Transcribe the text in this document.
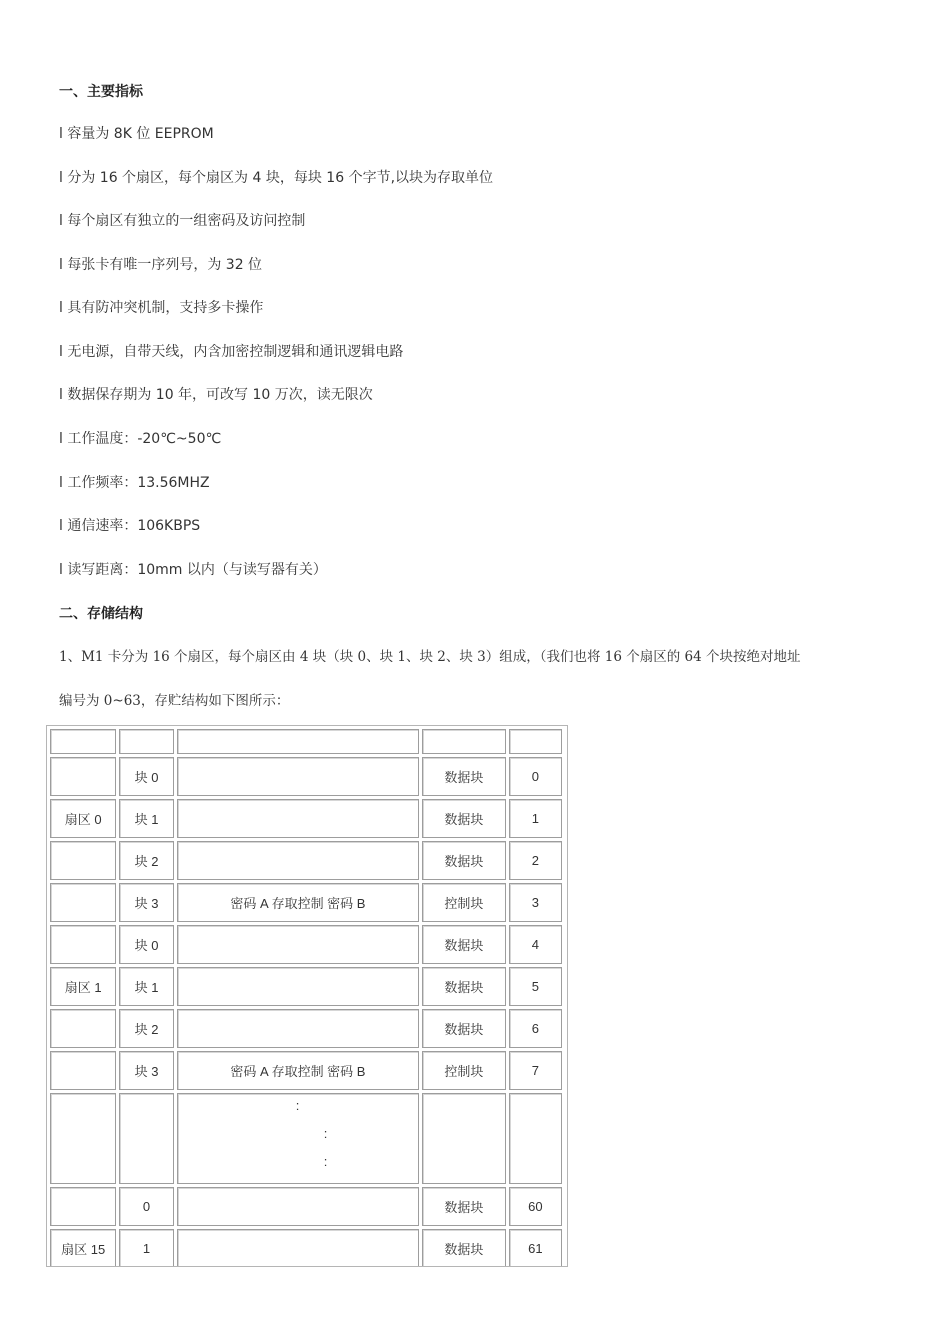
一、主要指标
l 容量为 8K 位 EEPROM
l 分为 16 个扇区，每个扇区为 4 块，每块 16 个字节,以块为存取单位
l 每个扇区有独立的一组密码及访问控制
l 每张卡有唯一序列号，为 32 位
l 具有防冲突机制，支持多卡操作
l 无电源，自带天线，内含加密控制逻辑和通讯逻辑电路
l 数据保存期为 10 年，可改写 10 万次，读无限次
l 工作温度：-20℃~50℃
l 工作频率：13.56MHZ
l 通信速率：106KBPS
l 读写距离：10mm 以内（与读写器有关）
二、存储结构
1、M1 卡分为 16 个扇区，每个扇区由 4 块（块 0、块 1、块 2、块 3）组成，（我们也将 16 个扇区的 64 个块按绝对地址
编号为 0~63，存贮结构如下图所示：

	块 0		数据块	0
扇区 0	块 1		数据块	1
	块 2		数据块	2
	块 3	密码 A 存取控制 密码 B	控制块	3
	块 0		数据块	4
扇区 1	块 1		数据块	5
	块 2		数据块	6
	块 3	密码 A 存取控制 密码 B	控制块	7

		:
:
:		

	0		数据块	60
扇区 15	1		数据块	61
